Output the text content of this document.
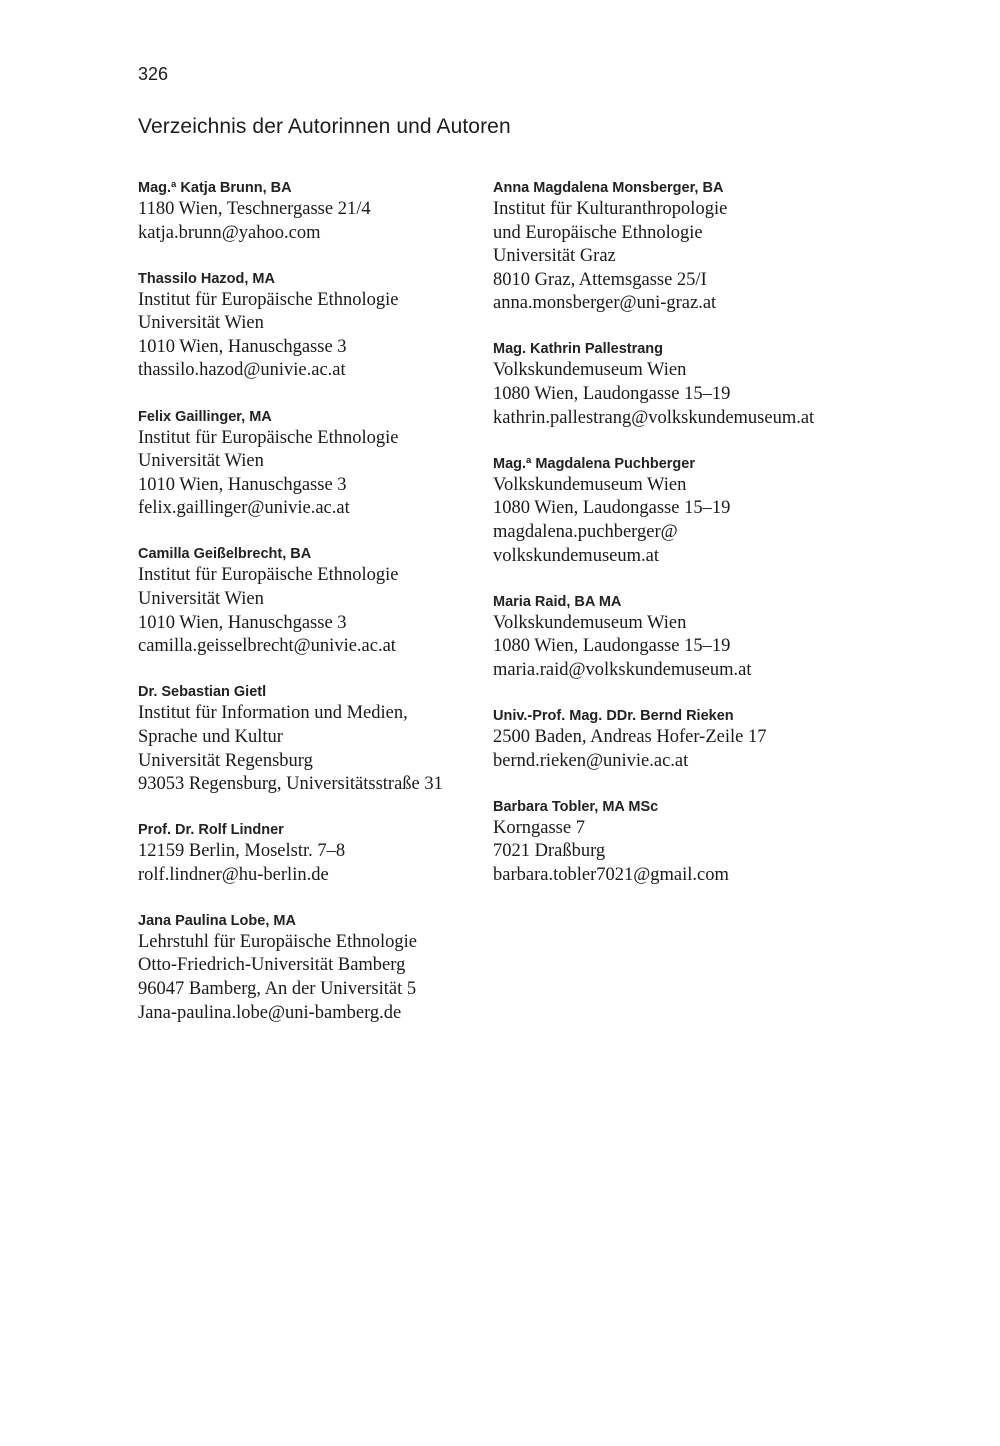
326
Verzeichnis der Autorinnen und Autoren
Mag.ª Katja Brunn, BA
1180 Wien, Teschnergasse 21/4
katja.brunn@yahoo.com
Thassilo Hazod, MA
Institut für Europäische Ethnologie
Universität Wien
1010 Wien, Hanuschgasse 3
thassilo.hazod@univie.ac.at
Felix Gaillinger, MA
Institut für Europäische Ethnologie
Universität Wien
1010 Wien, Hanuschgasse 3
felix.gaillinger@univie.ac.at
Camilla Geißelbrecht, BA
Institut für Europäische Ethnologie
Universität Wien
1010 Wien, Hanuschgasse 3
camilla.geisselbrecht@univie.ac.at
Dr. Sebastian Gietl
Institut für Information und Medien,
Sprache und Kultur
Universität Regensburg
93053 Regensburg, Universitätsstraße 31
Prof. Dr. Rolf Lindner
12159 Berlin, Moselstr. 7–8
rolf.lindner@hu-berlin.de
Jana Paulina Lobe, MA
Lehrstuhl für Europäische Ethnologie
Otto-Friedrich-Universität Bamberg
96047 Bamberg, An der Universität 5
Jana-paulina.lobe@uni-bamberg.de
Anna Magdalena Monsberger, BA
Institut für Kulturanthropologie
und Europäische Ethnologie
Universität Graz
8010 Graz, Attemsgasse 25/I
anna.monsberger@uni-graz.at
Mag. Kathrin Pallestrang
Volkskundemuseum Wien
1080 Wien, Laudongasse 15–19
kathrin.pallestrang@volkskundemuseum.at
Mag.ª Magdalena Puchberger
Volkskundemuseum Wien
1080 Wien, Laudongasse 15–19
magdalena.puchberger@
volkskundemuseum.at
Maria Raid, BA MA
Volkskundemuseum Wien
1080 Wien, Laudongasse 15–19
maria.raid@volkskundemuseum.at
Univ.-Prof. Mag. DDr. Bernd Rieken
2500 Baden, Andreas Hofer-Zeile 17
bernd.rieken@univie.ac.at
Barbara Tobler, MA MSc
Korngasse 7
7021 Draßburg
barbara.tobler7021@gmail.com
